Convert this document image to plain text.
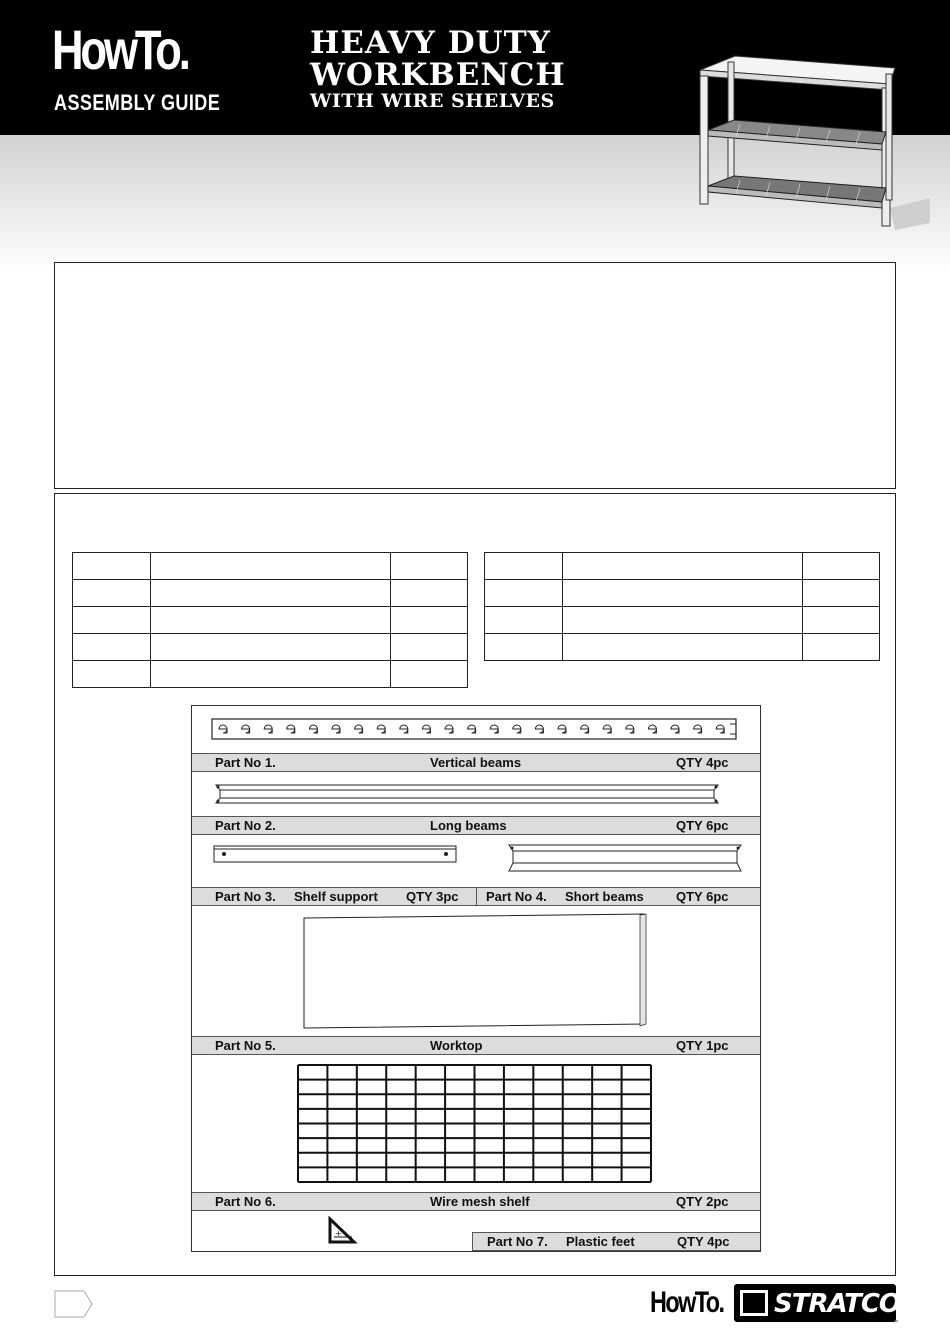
HowTo.
ASSEMBLY GUIDE
HEAVY DUTY
WORKBENCH
WITH WIRE SHELVES

Part No 1.	Vertical beams	QTY 4pc
Part No 2.	Long beams	QTY 6pc
Part No 3. Shelf support QTY 3pc Part No 4. Short beams QTY 6pc
Part No 5.	Worktop	QTY 1pc
Part No 6.	Wire mesh shelf	QTY 2pc
+
Part No 7. Plastic feet	QTY 4pc
HowTo. STRATCO
™
